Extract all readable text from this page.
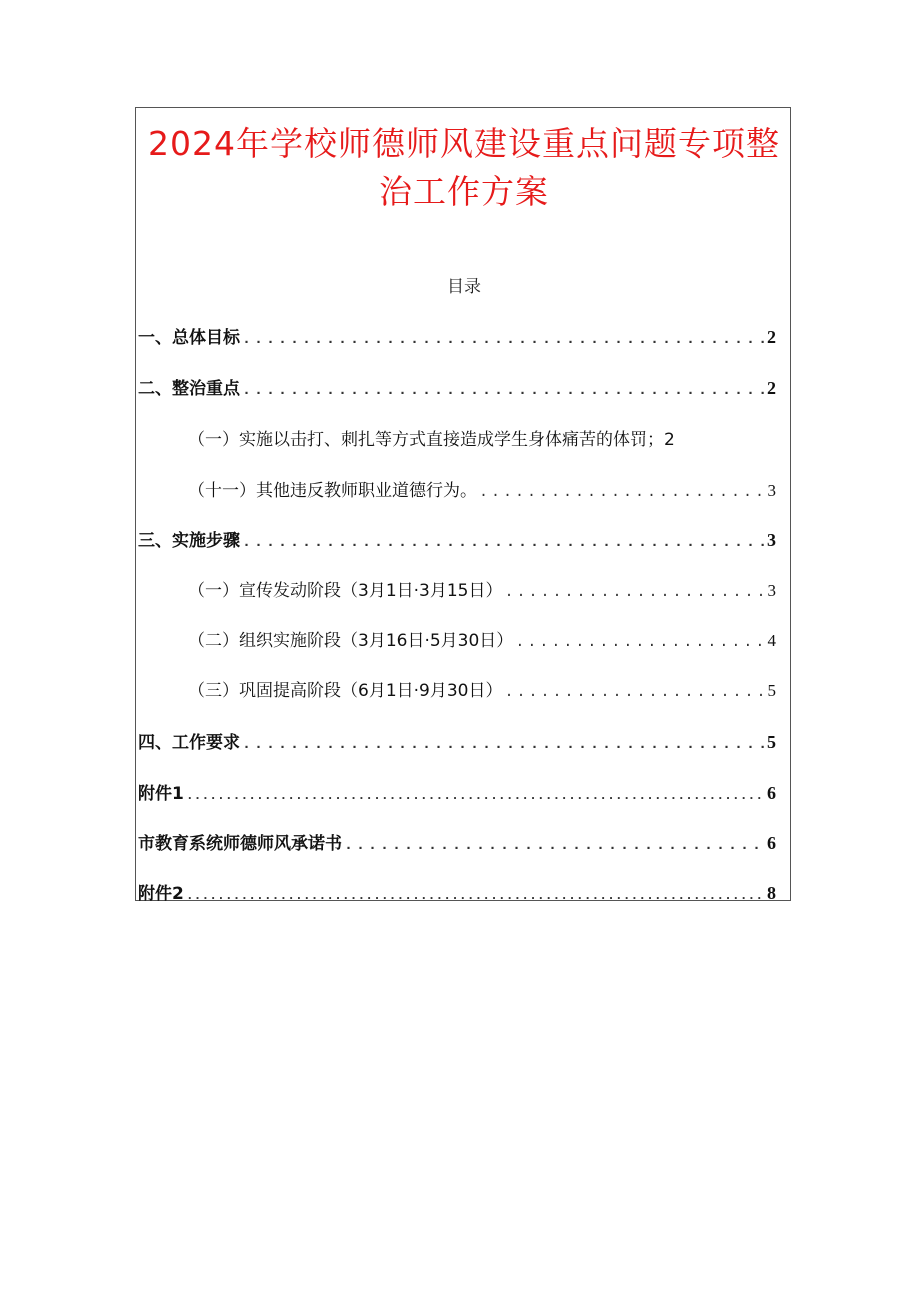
2024年学校师德师风建设重点问题专项整治工作方案
目录
一、总体目标 .....	2
二、整治重点 .....	2
（一）实施以击打、刺扎等方式直接造成学生身体痛苦的体罚；2
（十一）其他违反教师职业道德行为。 .....	3
三、实施步骤 .....	3
（一）宣传发动阶段（3月1日·3月15日） .....	3
（二）组织实施阶段（3月16日·5月30日） .....	4
（三）巩固提高阶段（6月1日·9月30日） .....	5
四、工作要求 .....	5
附件1 .....	6
市教育系统师德师风承诺书 .....	6
附件2 .....	8
